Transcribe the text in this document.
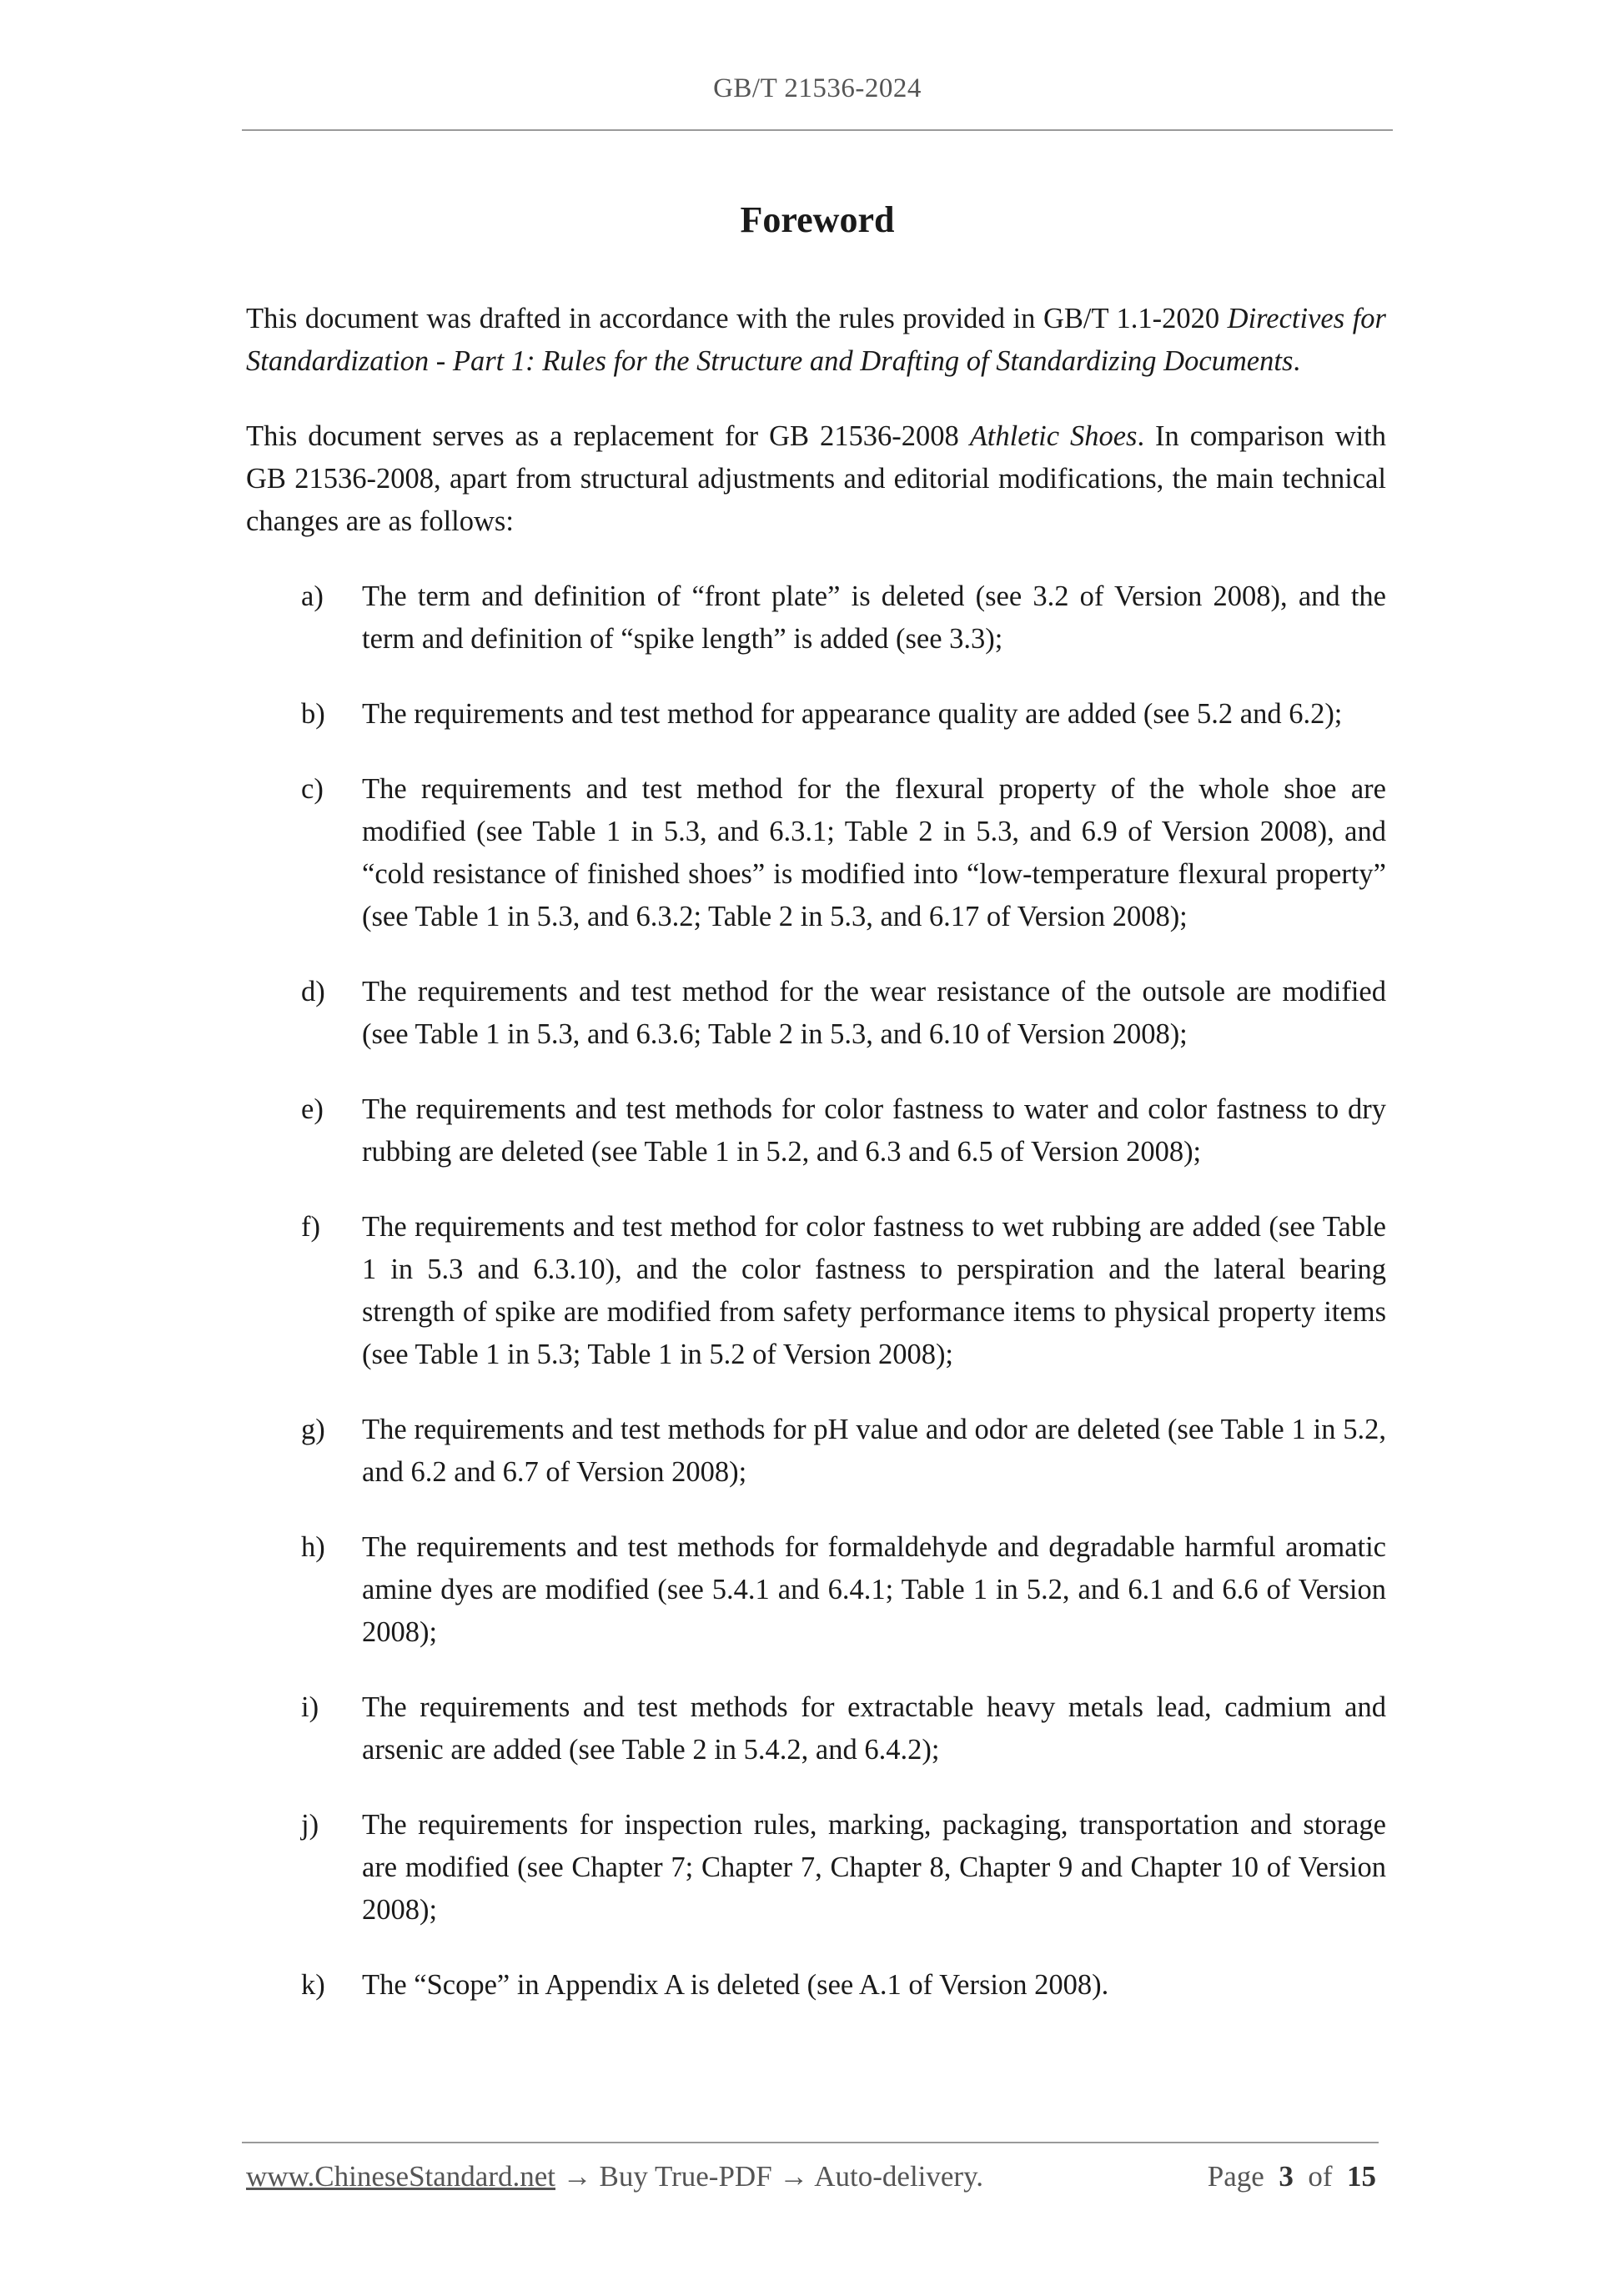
GB/T 21536-2024
Foreword

This document was drafted in accordance with the rules provided in GB/T 1.1-2020 Directives for Standardization - Part 1: Rules for the Structure and Drafting of Standardizing Documents.

This document serves as a replacement for GB 21536-2008 Athletic Shoes. In comparison with GB 21536-2008, apart from structural adjustments and editorial modifications, the main technical changes are as follows:

a) The term and definition of “front plate” is deleted (see 3.2 of Version 2008), and the term and definition of “spike length” is added (see 3.3);
b) The requirements and test method for appearance quality are added (see 5.2 and 6.2);
c) The requirements and test method for the flexural property of the whole shoe are modified (see Table 1 in 5.3, and 6.3.1; Table 2 in 5.3, and 6.9 of Version 2008), and “cold resistance of finished shoes” is modified into “low-temperature flexural property” (see Table 1 in 5.3, and 6.3.2; Table 2 in 5.3, and 6.17 of Version 2008);
d) The requirements and test method for the wear resistance of the outsole are modified (see Table 1 in 5.3, and 6.3.6; Table 2 in 5.3, and 6.10 of Version 2008);
e) The requirements and test methods for color fastness to water and color fastness to dry rubbing are deleted (see Table 1 in 5.2, and 6.3 and 6.5 of Version 2008);
f) The requirements and test method for color fastness to wet rubbing are added (see Table 1 in 5.3 and 6.3.10), and the color fastness to perspiration and the lateral bearing strength of spike are modified from safety performance items to physical property items (see Table 1 in 5.3; Table 1 in 5.2 of Version 2008);
g) The requirements and test methods for pH value and odor are deleted (see Table 1 in 5.2, and 6.2 and 6.7 of Version 2008);
h) The requirements and test methods for formaldehyde and degradable harmful aromatic amine dyes are modified (see 5.4.1 and 6.4.1; Table 1 in 5.2, and 6.1 and 6.6 of Version 2008);
i) The requirements and test methods for extractable heavy metals lead, cadmium and arsenic are added (see Table 2 in 5.4.2, and 6.4.2);
j) The requirements for inspection rules, marking, packaging, transportation and storage are modified (see Chapter 7; Chapter 7, Chapter 8, Chapter 9 and Chapter 10 of Version 2008);
k) The “Scope” in Appendix A is deleted (see A.1 of Version 2008).
www.ChineseStandard.net → Buy True-PDF → Auto-delivery.	Page 3 of 15
